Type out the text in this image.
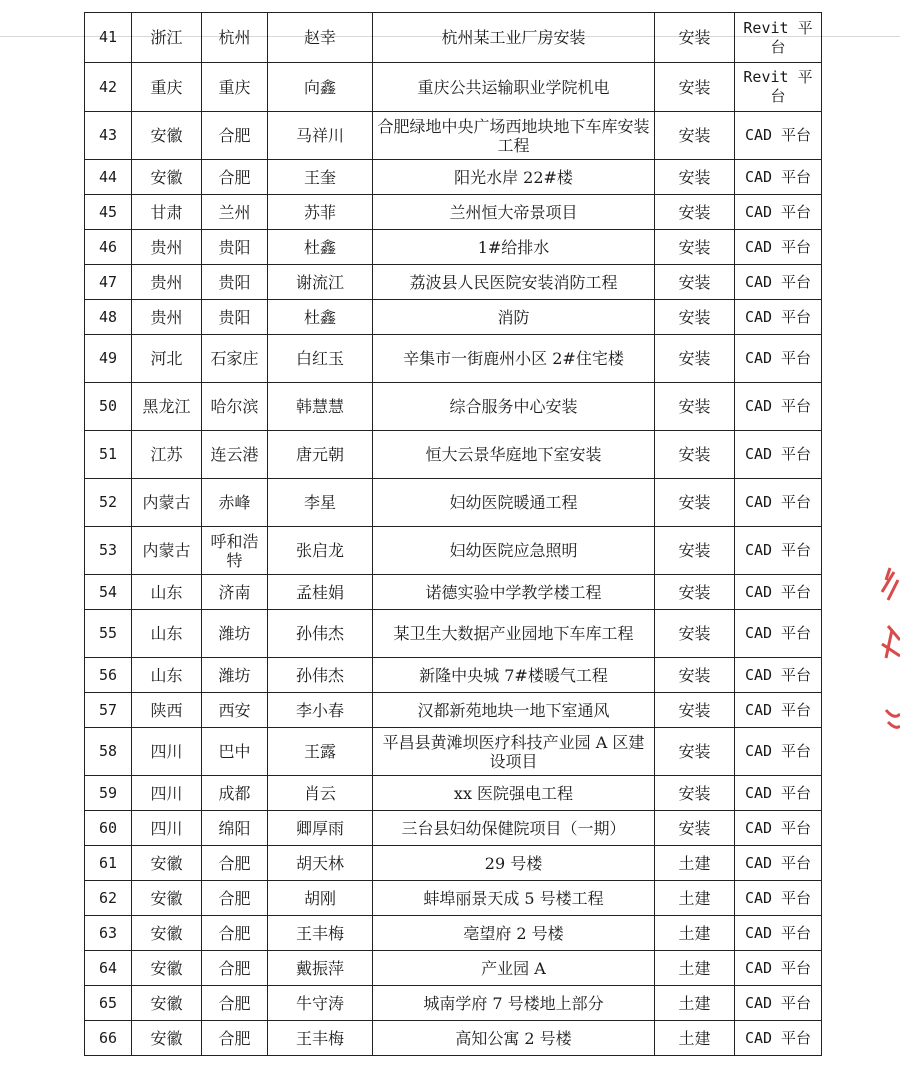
41	浙江	杭州	赵幸	杭州某工业厂房安装	安装	Revit 平台
42	重庆	重庆	向鑫	重庆公共运输职业学院机电	安装	Revit 平台
43	安徽	合肥	马祥川	合肥绿地中央广场西地块地下车库安装工程	安装	CAD 平台
44	安徽	合肥	王奎	阳光水岸 22#楼	安装	CAD 平台
45	甘肃	兰州	苏菲	兰州恒大帝景项目	安装	CAD 平台
46	贵州	贵阳	杜鑫	1#给排水	安装	CAD 平台
47	贵州	贵阳	谢流江	荔波县人民医院安装消防工程	安装	CAD 平台
48	贵州	贵阳	杜鑫	消防	安装	CAD 平台
49	河北	石家庄	白红玉	辛集市一街鹿州小区 2#住宅楼	安装	CAD 平台
50	黑龙江	哈尔滨	韩慧慧	综合服务中心安装	安装	CAD 平台
51	江苏	连云港	唐元朝	恒大云景华庭地下室安装	安装	CAD 平台
52	内蒙古	赤峰	李星	妇幼医院暖通工程	安装	CAD 平台
53	内蒙古	呼和浩特	张启龙	妇幼医院应急照明	安装	CAD 平台
54	山东	济南	孟桂娟	诺德实验中学教学楼工程	安装	CAD 平台
55	山东	潍坊	孙伟杰	某卫生大数据产业园地下车库工程	安装	CAD 平台
56	山东	潍坊	孙伟杰	新隆中央城 7#楼暖气工程	安装	CAD 平台
57	陕西	西安	李小春	汉都新苑地块一地下室通风	安装	CAD 平台
58	四川	巴中	王露	平昌县黄滩坝医疗科技产业园 A 区建设项目	安装	CAD 平台
59	四川	成都	肖云	xx 医院强电工程	安装	CAD 平台
60	四川	绵阳	卿厚雨	三台县妇幼保健院项目（一期）	安装	CAD 平台
61	安徽	合肥	胡天林	29 号楼	土建	CAD 平台
62	安徽	合肥	胡刚	蚌埠丽景天成 5 号楼工程	土建	CAD 平台
63	安徽	合肥	王丰梅	亳望府 2 号楼	土建	CAD 平台
64	安徽	合肥	戴振萍	产业园 A	土建	CAD 平台
65	安徽	合肥	牛守涛	城南学府 7 号楼地上部分	土建	CAD 平台
66	安徽	合肥	王丰梅	高知公寓 2 号楼	土建	CAD 平台
